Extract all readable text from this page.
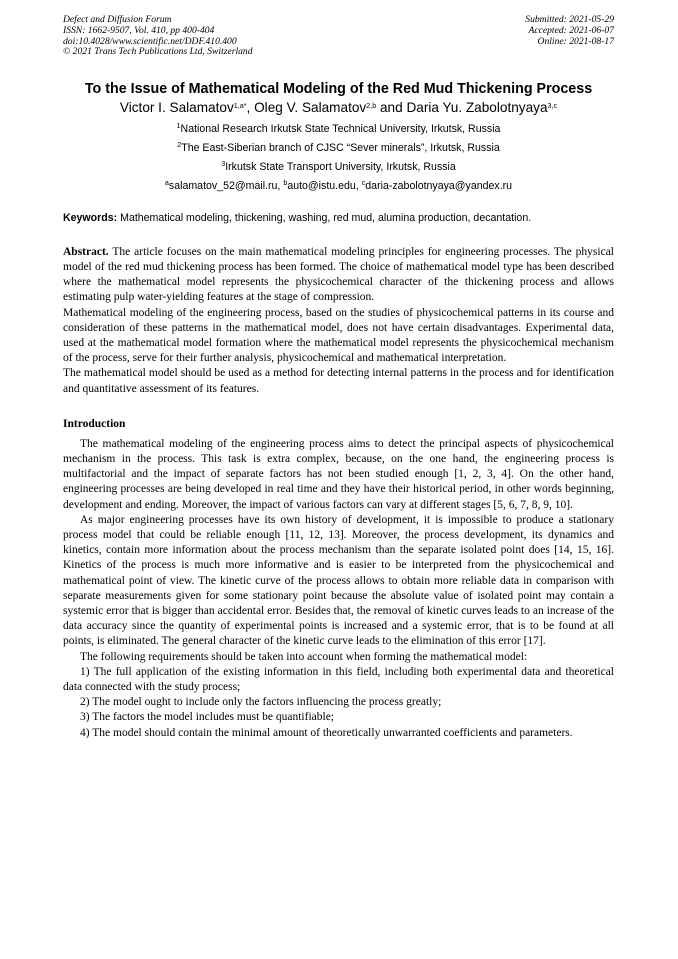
Defect and Diffusion Forum
ISSN: 1662-9507, Vol. 410, pp 400-404
doi:10.4028/www.scientific.net/DDF.410.400
© 2021 Trans Tech Publications Ltd, Switzerland
Submitted: 2021-05-29
Accepted: 2021-06-07
Online: 2021-08-17
To the Issue of Mathematical Modeling of the Red Mud Thickening Process
Victor I. Salamatov$^{1,a*}$, Oleg V. Salamatov$^{2,b}$ and Daria Yu. Zabolotnyaya$^{3,c}$
$^1$National Research Irkutsk State Technical University, Irkutsk, Russia
$^2$The East-Siberian branch of CJSC “Sever minerals”, Irkutsk, Russia
$^3$Irkutsk State Transport University, Irkutsk, Russia
$^a$salamatov_52@mail.ru, $^b$auto@istu.edu, $^c$daria-zabolotnyaya@yandex.ru
Keywords: Mathematical modeling, thickening, washing, red mud, alumina production, decantation.

Abstract. The article focuses on the main mathematical modeling principles for engineering processes. The physical model of the red mud thickening process has been formed. The choice of mathematical model type has been described where the mathematical model represents the physicochemical character of the thickening process and allows estimating pulp water-yielding features at the stage of compression.

Mathematical modeling of the engineering process, based on the studies of physicochemical patterns in its course and consideration of these patterns in the mathematical model, does not have certain disadvantages. Experimental data, used at the mathematical model formation where the mathematical model represents the physicochemical mechanism of the process, serve for their further analysis, physicochemical and mathematical interpretation.

The mathematical model should be used as a method for detecting internal patterns in the process and for identification and quantitative assessment of its features.

Introduction

The mathematical modeling of the engineering process aims to detect the principal aspects of physicochemical mechanism in the process. This task is extra complex, because, on the one hand, the engineering process is multifactorial and the impact of separate factors has not been studied enough [1, 2, 3, 4]. On the other hand, engineering processes are being developed in real time and they have their historical period, in other words beginning, development and ending. Moreover, the impact of various factors can vary at different stages [5, 6, 7, 8, 9, 10].

As major engineering processes have its own history of development, it is impossible to produce a stationary process model that could be reliable enough [11, 12, 13]. Moreover, the process development, its dynamics and kinetics, contain more information about the process mechanism than the separate isolated point does [14, 15, 16]. Kinetics of the process is much more informative and is easier to be interpreted from the physicochemical and mathematical point of view. The kinetic curve of the process allows to obtain more reliable data in comparison with separate measurements given for some stationary point because the absolute value of isolated point may contain a systemic error that is bigger than accidental error. Besides that, the removal of kinetic curves leads to an increase of the data accuracy since the quantity of experimental points is increased and a systemic error, that is to be found at all points, is eliminated. The general character of the kinetic curve leads to the elimination of this error [17].

The following requirements should be taken into account when forming the mathematical model:

1) The full application of the existing information in this field, including both experimental data and theoretical data connected with the study process;

2) The model ought to include only the factors influencing the process greatly;

3) The factors the model includes must be quantifiable;

4) The model should contain the minimal amount of theoretically unwarranted coefficients and parameters.
